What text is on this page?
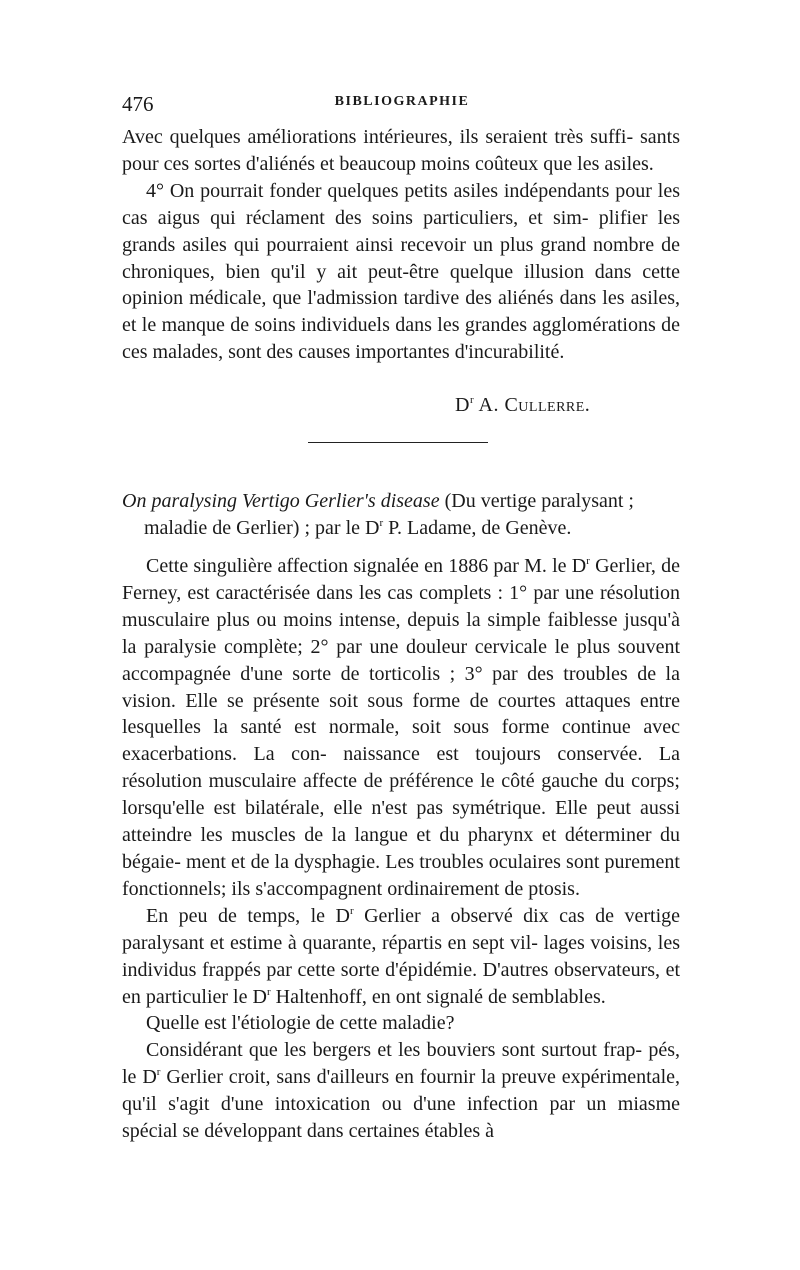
476	BIBLIOGRAPHIE

Avec quelques améliorations intérieures, ils seraient très suffi- sants pour ces sortes d'aliénés et beaucoup moins coûteux que les asiles.

4° On pourrait fonder quelques petits asiles indépendants pour les cas aigus qui réclament des soins particuliers, et sim- plifier les grands asiles qui pourraient ainsi recevoir un plus grand nombre de chroniques, bien qu'il y ait peut-être quelque illusion dans cette opinion médicale, que l'admission tardive des aliénés dans les asiles, et le manque de soins individuels dans les grandes agglomérations de ces malades, sont des causes importantes d'incurabilité.

$D^r$ A. Cullerre.
On paralysing Vertigo Gerlier's disease (Du vertige paralysant ; maladie de Gerlier) ; par le $D^r$ P. Ladame, de Genève.

Cette singulière affection signalée en 1886 par M. le $D^r$ Gerlier, de Ferney, est caractérisée dans les cas complets : 1° par une résolution musculaire plus ou moins intense, depuis la simple faiblesse jusqu'à la paralysie complète; 2° par une douleur cervicale le plus souvent accompagnée d'une sorte de torticolis ; 3° par des troubles de la vision. Elle se présente soit sous forme de courtes attaques entre lesquelles la santé est normale, soit sous forme continue avec exacerbations. La con- naissance est toujours conservée. La résolution musculaire affecte de préférence le côté gauche du corps; lorsqu'elle est bilatérale, elle n'est pas symétrique. Elle peut aussi atteindre les muscles de la langue et du pharynx et déterminer du bégaie- ment et de la dysphagie. Les troubles oculaires sont purement fonctionnels; ils s'accompagnent ordinairement de ptosis.

En peu de temps, le $D^r$ Gerlier a observé dix cas de vertige paralysant et estime à quarante, répartis en sept vil- lages voisins, les individus frappés par cette sorte d'épidémie. D'autres observateurs, et en particulier le $D^r$ Haltenhoff, en ont signalé de semblables.

Quelle est l'étiologie de cette maladie?

Considérant que les bergers et les bouviers sont surtout frap- pés, le $D^r$ Gerlier croit, sans d'ailleurs en fournir la preuve expérimentale, qu'il s'agit d'une intoxication ou d'une infection par un miasme spécial se développant dans certaines étables à
